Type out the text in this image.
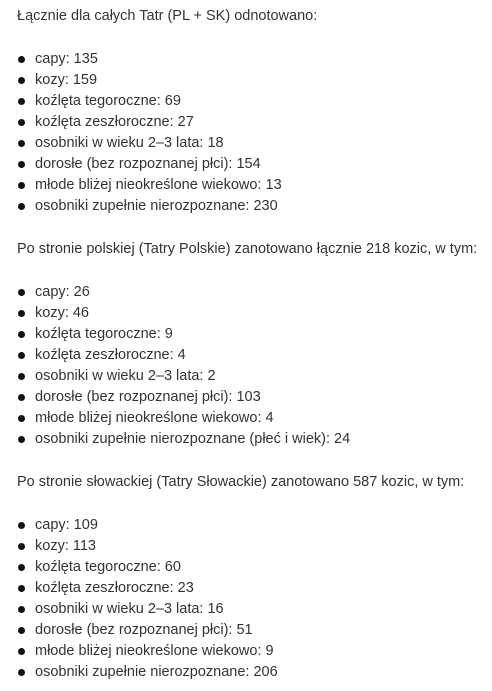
Łącznie dla całych Tatr (PL + SK) odnotowano:

capy: 135
kozy: 159
koźlęta tegoroczne: 69
koźlęta zeszłoroczne: 27
osobniki w wieku 2–3 lata: 18
dorosłe (bez rozpoznanej płci): 154
młode bliżej nieokreślone wiekowo: 13
osobniki zupełnie nierozpoznane: 230

Po stronie polskiej (Tatry Polskie) zanotowano łącznie 218 kozic, w tym:

capy: 26
kozy: 46
koźlęta tegoroczne: 9
koźlęta zeszłoroczne: 4
osobniki w wieku 2–3 lata: 2
dorosłe (bez rozpoznanej płci): 103
młode bliżej nieokreślone wiekowo: 4
osobniki zupełnie nierozpoznane (płeć i wiek): 24

Po stronie słowackiej (Tatry Słowackie) zanotowano 587 kozic, w tym:

capy: 109
kozy: 113
koźlęta tegoroczne: 60
koźlęta zeszłoroczne: 23
osobniki w wieku 2–3 lata: 16
dorosłe (bez rozpoznanej płci): 51
młode bliżej nieokreślone wiekowo: 9
osobniki zupełnie nierozpoznane: 206
